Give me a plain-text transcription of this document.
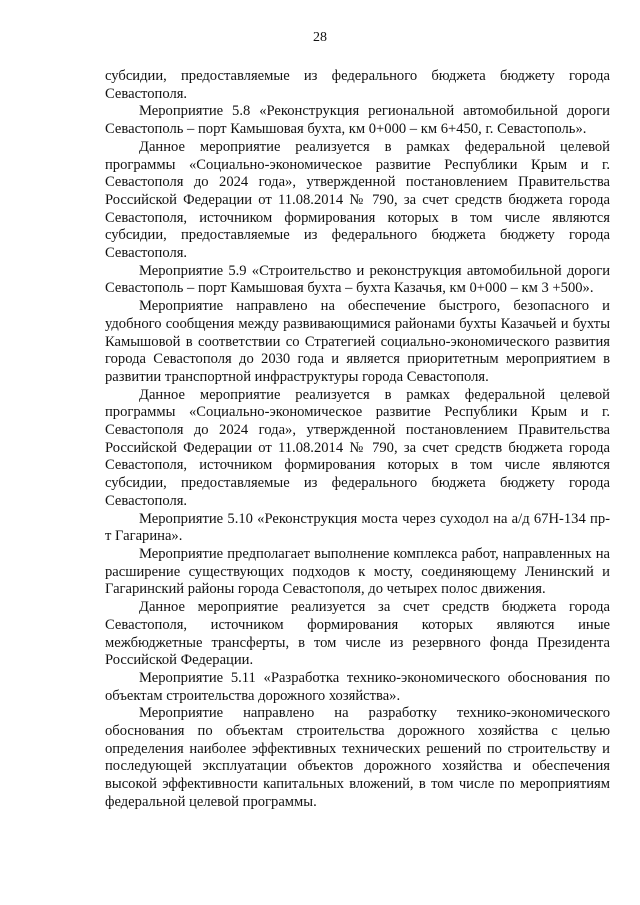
28

субсидии, предоставляемые из федерального бюджета бюджету города Севастополя.

Мероприятие 5.8 «Реконструкция региональной автомобильной дороги Севастополь – порт Камышовая бухта, км 0+000 – км 6+450, г. Севастополь».

Данное мероприятие реализуется в рамках федеральной целевой программы «Социально-экономическое развитие Республики Крым и г. Севастополя до 2024 года», утвержденной постановлением Правительства Российской Федерации от 11.08.2014 № 790, за счет средств бюджета города Севастополя, источником формирования которых в том числе являются субсидии, предоставляемые из федерального бюджета бюджету города Севастополя.

Мероприятие 5.9 «Строительство и реконструкция автомобильной дороги Севастополь – порт Камышовая бухта – бухта Казачья, км 0+000 – км 3 +500».

Мероприятие направлено на обеспечение быстрого, безопасного и удобного сообщения между развивающимися районами бухты Казачьей и бухты Камышовой в соответствии со Стратегией социально-экономического развития города Севастополя до 2030 года и является приоритетным мероприятием в развитии транспортной инфраструктуры города Севастополя.

Данное мероприятие реализуется в рамках федеральной целевой программы «Социально-экономическое развитие Республики Крым и г. Севастополя до 2024 года», утвержденной постановлением Правительства Российской Федерации от 11.08.2014 № 790, за счет средств бюджета города Севастополя, источником формирования которых в том числе являются субсидии, предоставляемые из федерального бюджета бюджету города Севастополя.

Мероприятие 5.10 «Реконструкция моста через суходол на а/д 67Н-134 пр-т Гагарина».

Мероприятие предполагает выполнение комплекса работ, направленных на расширение существующих подходов к мосту, соединяющему Ленинский и Гагаринский районы города Севастополя, до четырех полос движения.

Данное мероприятие реализуется за счет средств бюджета города Севастополя, источником формирования которых являются иные межбюджетные трансферты, в том числе из резервного фонда Президента Российской Федерации.

Мероприятие 5.11 «Разработка технико-экономического обоснования по объектам строительства дорожного хозяйства».

Мероприятие направлено на разработку технико-экономического обоснования по объектам строительства дорожного хозяйства с целью определения наиболее эффективных технических решений по строительству и последующей эксплуатации объектов дорожного хозяйства и обеспечения высокой эффективности капитальных вложений, в том числе по мероприятиям федеральной целевой программы.
